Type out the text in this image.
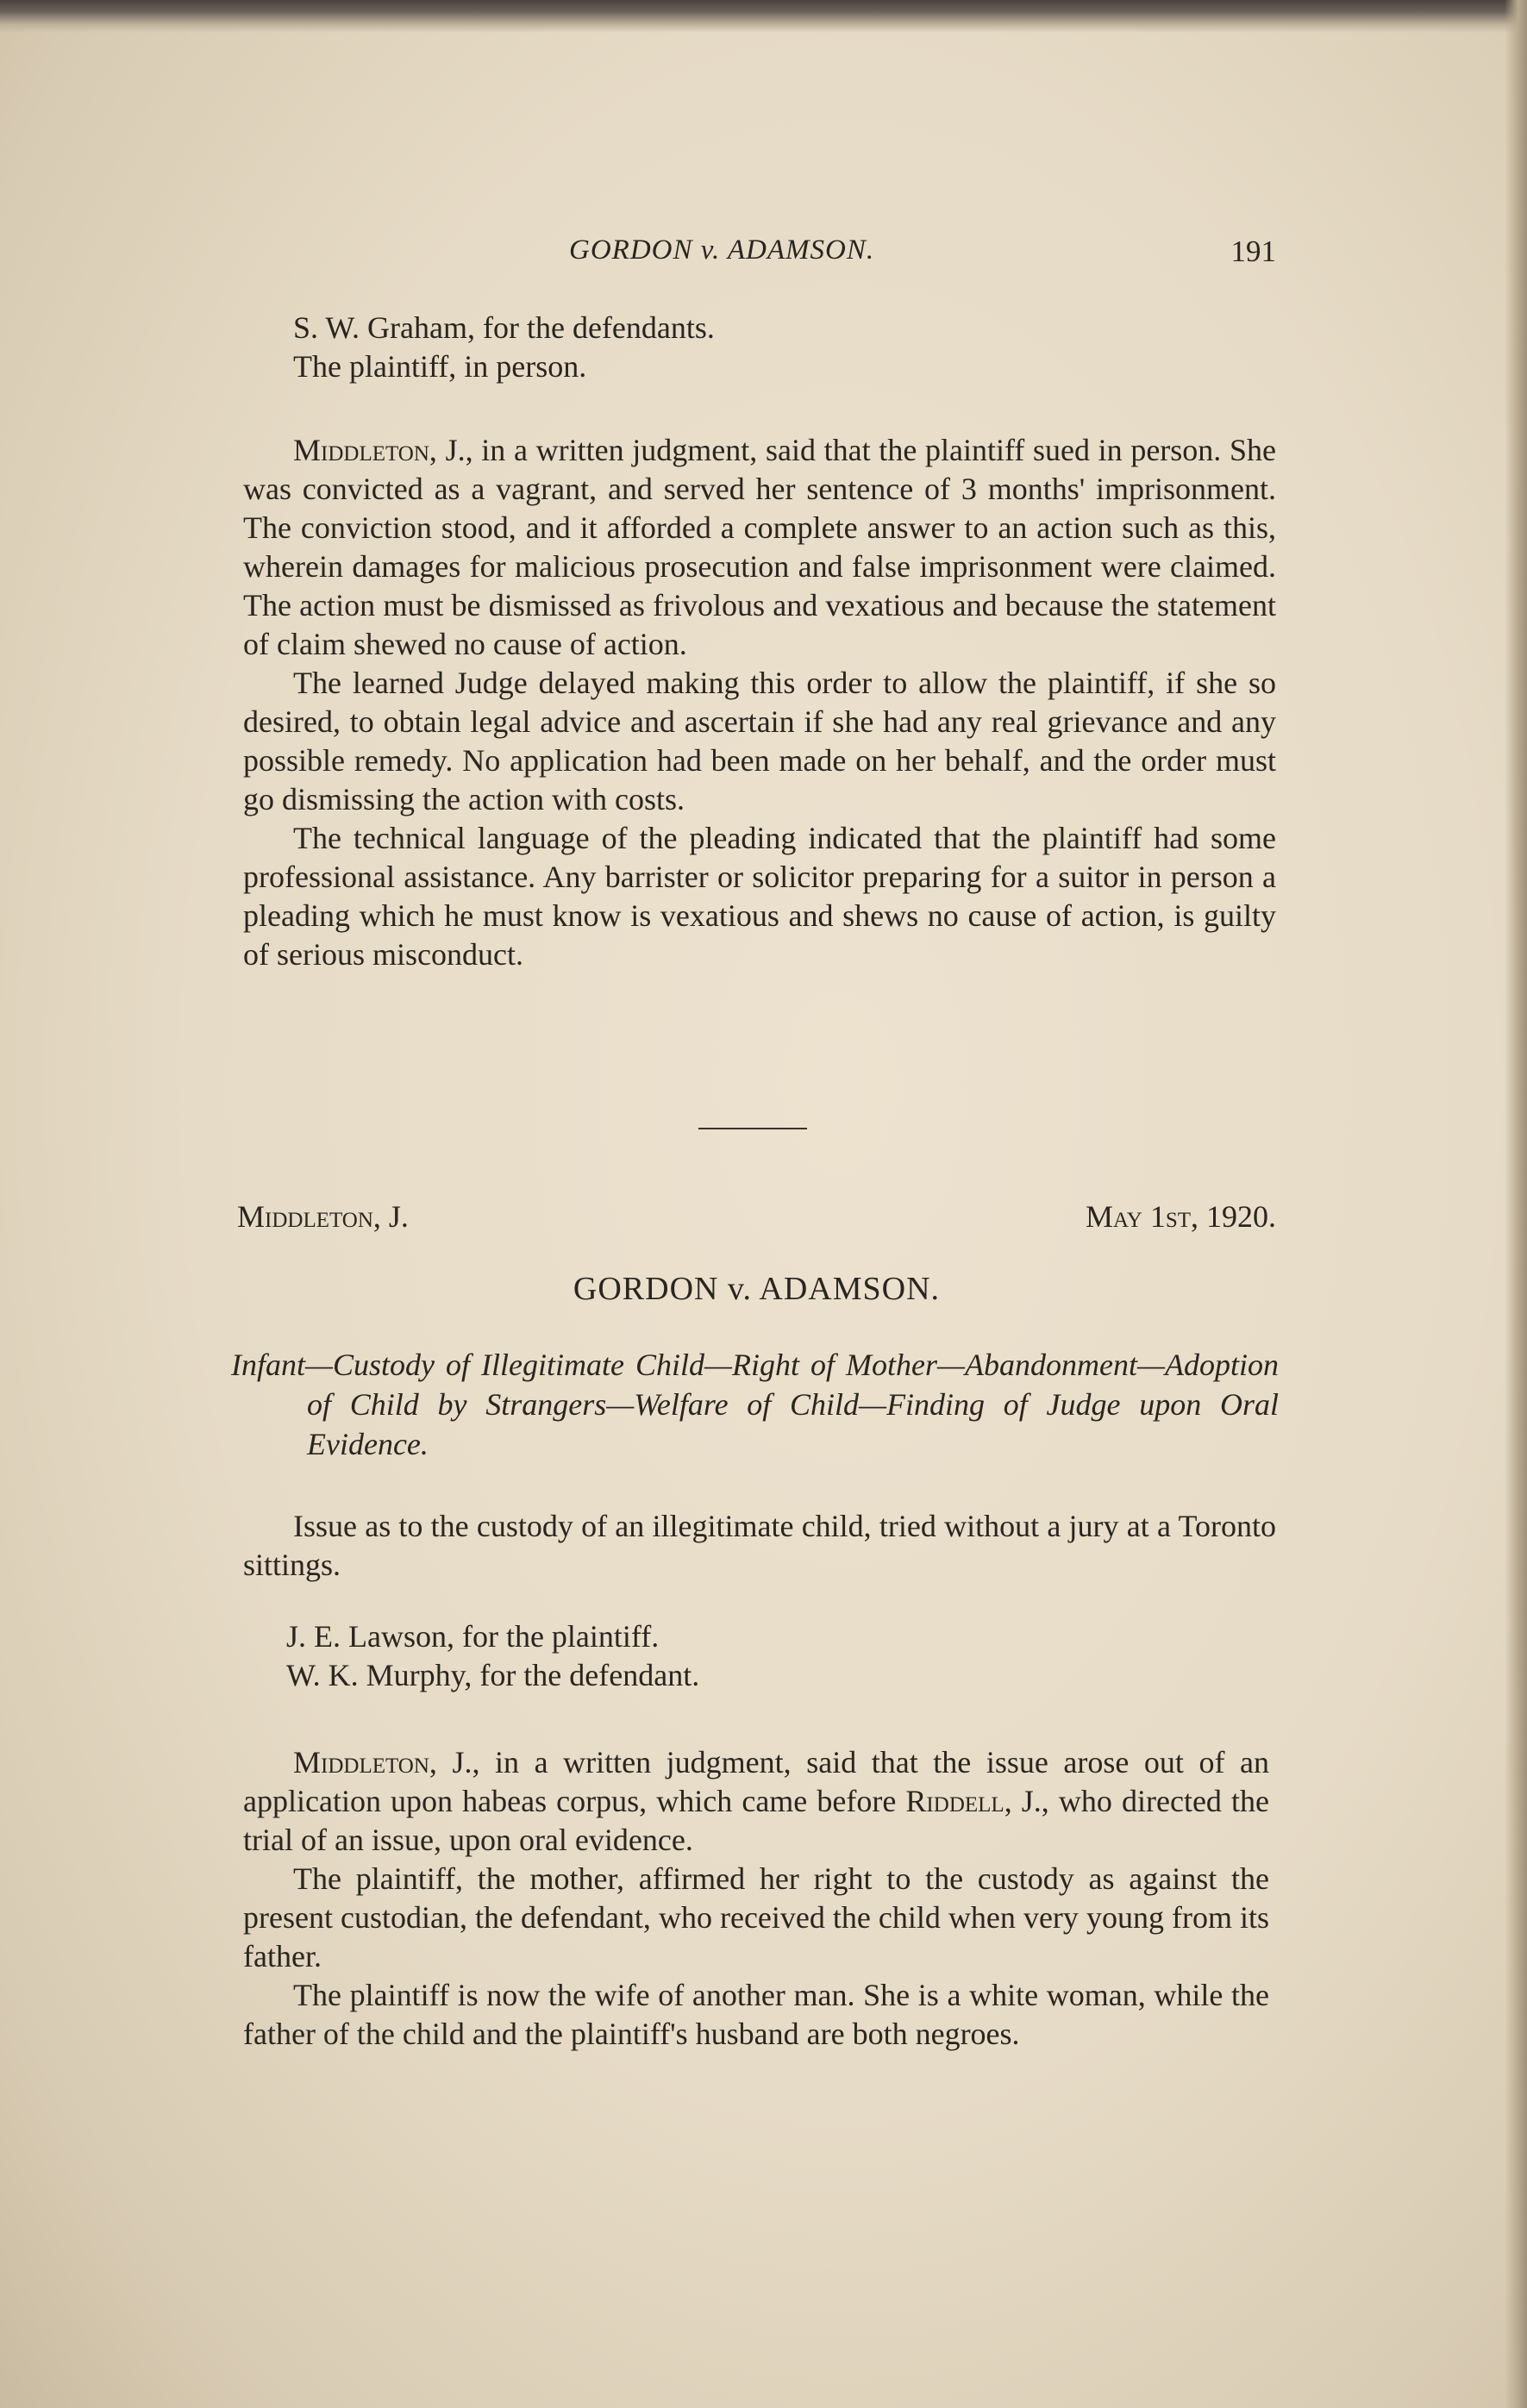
GORDON v. ADAMSON.	191
S. W. Graham, for the defendants.
The plaintiff, in person.

Middleton, J., in a written judgment, said that the plaintiff sued in person. She was convicted as a vagrant, and served her sentence of 3 months' imprisonment. The conviction stood, and it afforded a complete answer to an action such as this, wherein damages for malicious prosecution and false imprisonment were claimed. The action must be dismissed as frivolous and vexatious and because the statement of claim shewed no cause of action.

The learned Judge delayed making this order to allow the plaintiff, if she so desired, to obtain legal advice and ascertain if she had any real grievance and any possible remedy. No application had been made on her behalf, and the order must go dismissing the action with costs.

The technical language of the pleading indicated that the plaintiff had some professional assistance. Any barrister or solicitor preparing for a suitor in person a pleading which he must know is vexatious and shews no cause of action, is guilty of serious misconduct.

Middleton, J.	May 1st, 1920.
GORDON v. ADAMSON.
Infant—Custody of Illegitimate Child—Right of Mother—Abandonment—Adoption of Child by Strangers—Welfare of Child—Finding of Judge upon Oral Evidence.

Issue as to the custody of an illegitimate child, tried without a jury at a Toronto sittings.

J. E. Lawson, for the plaintiff.
W. K. Murphy, for the defendant.

Middleton, J., in a written judgment, said that the issue arose out of an application upon habeas corpus, which came before Riddell, J., who directed the trial of an issue, upon oral evidence.

The plaintiff, the mother, affirmed her right to the custody as against the present custodian, the defendant, who received the child when very young from its father.

The plaintiff is now the wife of another man. She is a white woman, while the father of the child and the plaintiff's husband are both negroes.
